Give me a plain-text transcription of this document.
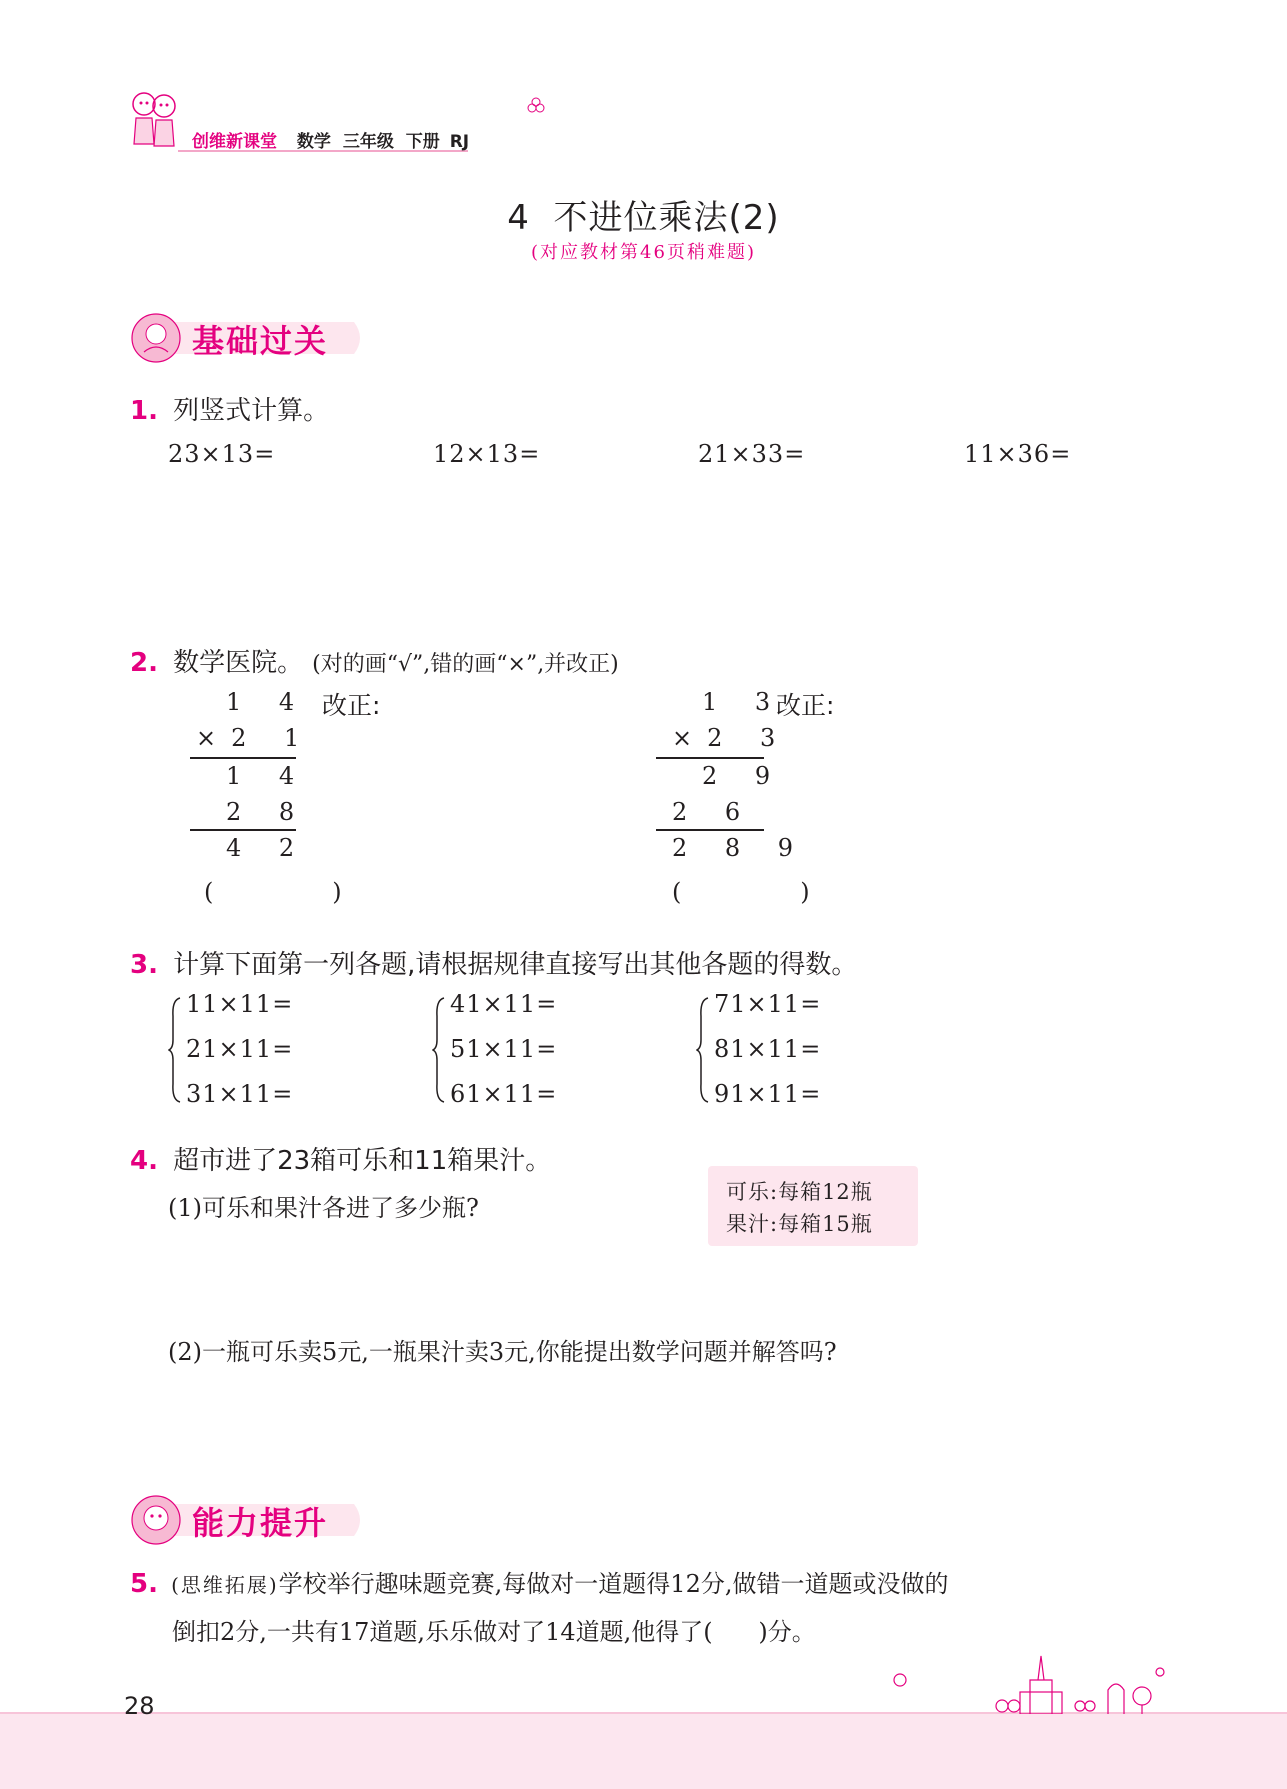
创维新课堂 数学 三年级 下册 RJ
4  不进位乘法(2)
(对应教材第46页稍难题)
基础过关
1. 列竖式计算。
23×13=	12×13=	21×33=	11×36=
2. 数学医院。 (对的画“√”,错的画“×”,并改正)
1 4
×2 1
1 4
2 8
4 2
(   )
改正:	1 3
×2 3
2 9
2 6
2 8 9
(   )
改正:
3. 计算下面第一列各题,请根据规律直接写出其他各题的得数。
11×11=
21×11=
31×11=
41×11=
51×11=
61×11=
71×11=
81×11=
91×11=
4. 超市进了23箱可乐和11箱果汁。
(1)可乐和果汁各进了多少瓶?
可乐:每箱12瓶
果汁:每箱15瓶
(2)一瓶可乐卖5元,一瓶果汁卖3元,你能提出数学问题并解答吗?
能力提升
5. (思维拓展)学校举行趣味题竞赛,每做对一道题得12分,做错一道题或没做的
倒扣2分,一共有17道题,乐乐做对了14道题,他得了(      )分。
28
